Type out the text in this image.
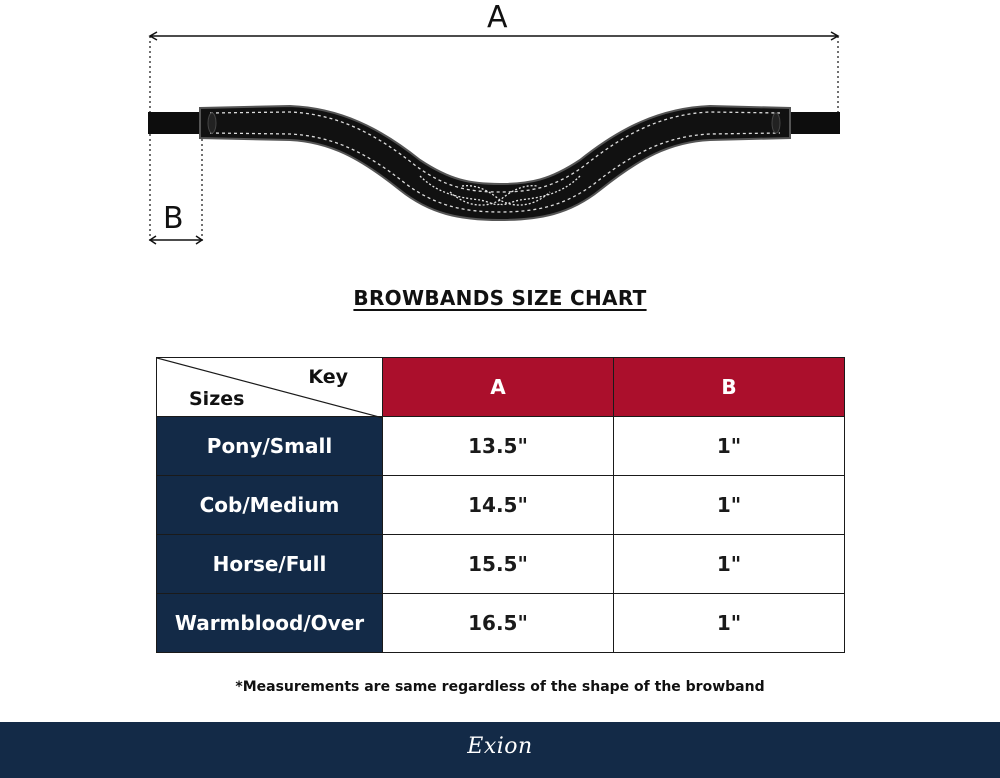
A
B
BROWBANDS SIZE CHART
Key
Sizes	A	B
Pony/Small	13.5"	1"
Cob/Medium	14.5"	1"
Horse/Full	15.5"	1"
Warmblood/Over	16.5"	1"
*Measurements are same regardless of the shape of the browband
Exion
